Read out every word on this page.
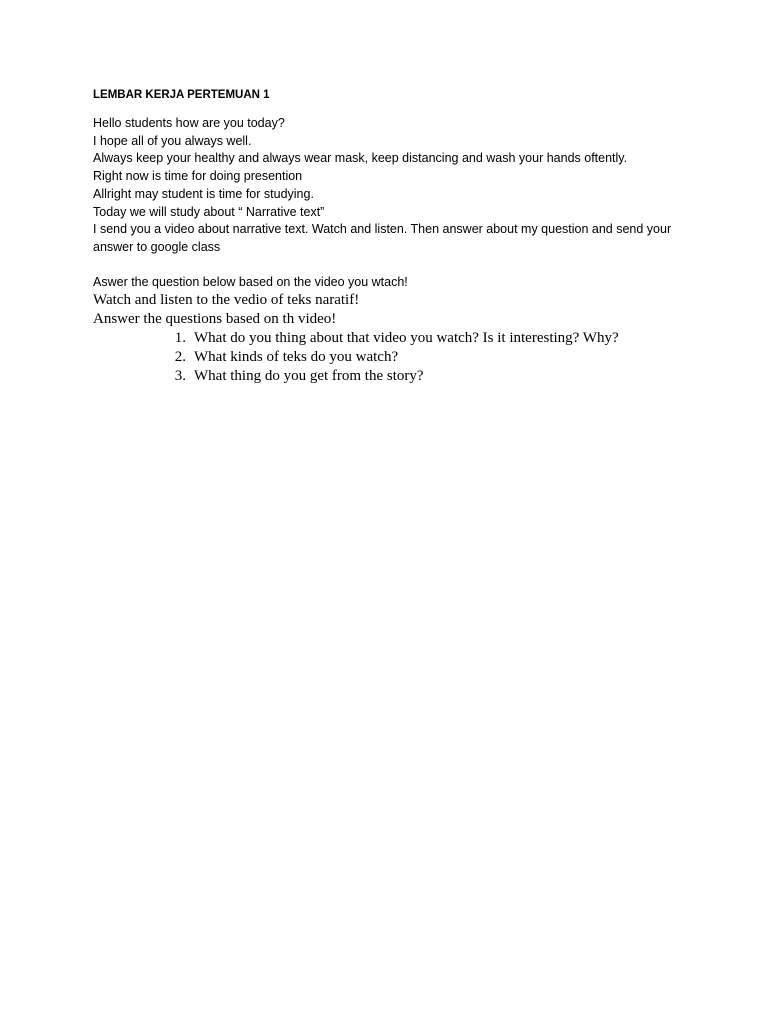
LEMBAR KERJA PERTEMUAN 1

Hello students how are you today?

I hope all of you always well.

Always keep your healthy and always wear mask, keep distancing and wash your hands oftently.

Right now is time for doing presention

Allright may student is time for studying.

Today we will study about “ Narrative text”

I send you a video about narrative text. Watch and listen. Then answer about my question and send your answer to google class

Aswer the question below based on the video you wtach!

Watch and listen to the vedio of teks naratif!

Answer the questions based on th video!

1. What do you thing about that video you watch? Is it interesting? Why?
2. What kinds of teks do you watch?
3. What thing do you get from the story?
